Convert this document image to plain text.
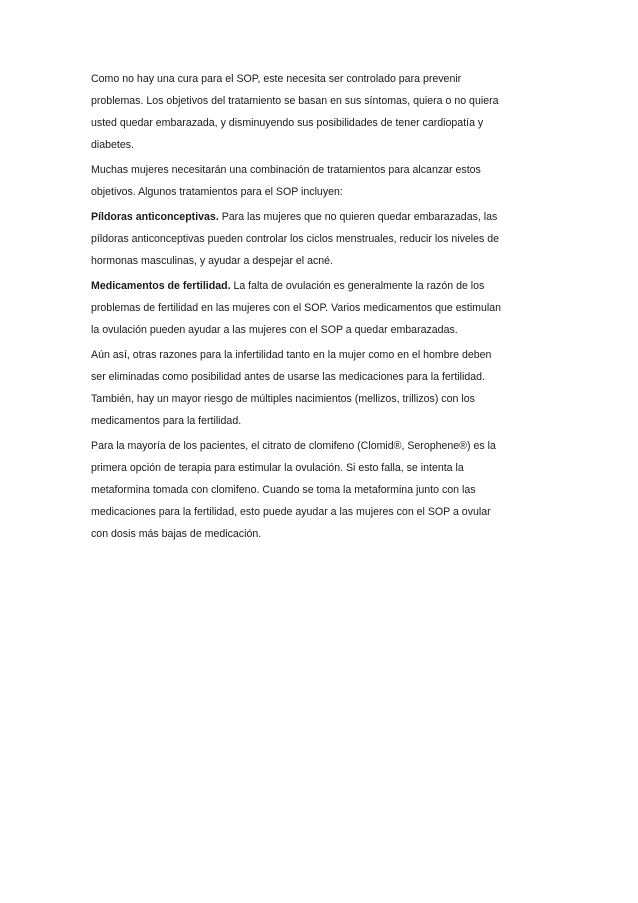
Como no hay una cura para el SOP, este necesita ser controlado para prevenir
problemas. Los objetivos del tratamiento se basan en sus síntomas, quiera o no quiera
usted quedar embarazada, y disminuyendo sus posibilidades de tener cardiopatía y
diabetes.
Muchas mujeres necesitarán una combinación de tratamientos para alcanzar estos
objetivos. Algunos tratamientos para el SOP incluyen:
Píldoras anticonceptivas. Para las mujeres que no quieren quedar embarazadas, las
píldoras anticonceptivas pueden controlar los ciclos menstruales, reducir los niveles de
hormonas masculinas, y ayudar a despejar el acné.
Medicamentos de fertilidad. La falta de ovulación es generalmente la razón de los
problemas de fertilidad en las mujeres con el SOP. Varios medicamentos que estimulan
la ovulación pueden ayudar a las mujeres con el SOP a quedar embarazadas.
Aún así, otras razones para la infertilidad tanto en la mujer como en el hombre deben
ser eliminadas como posibilidad antes de usarse las medicaciones para la fertilidad.
También, hay un mayor riesgo de múltiples nacimientos (mellizos, trillizos) con los
medicamentos para la fertilidad.
Para la mayoría de los pacientes, el citrato de clomifeno (Clomid®, Serophene®) es la
primera opción de terapia para estimular la ovulación. Si esto falla, se intenta la
metaformina tomada con clomifeno. Cuando se toma la metaformina junto con las
medicaciones para la fertilidad, esto puede ayudar a las mujeres con el SOP a ovular
con dosis más bajas de medicación.
